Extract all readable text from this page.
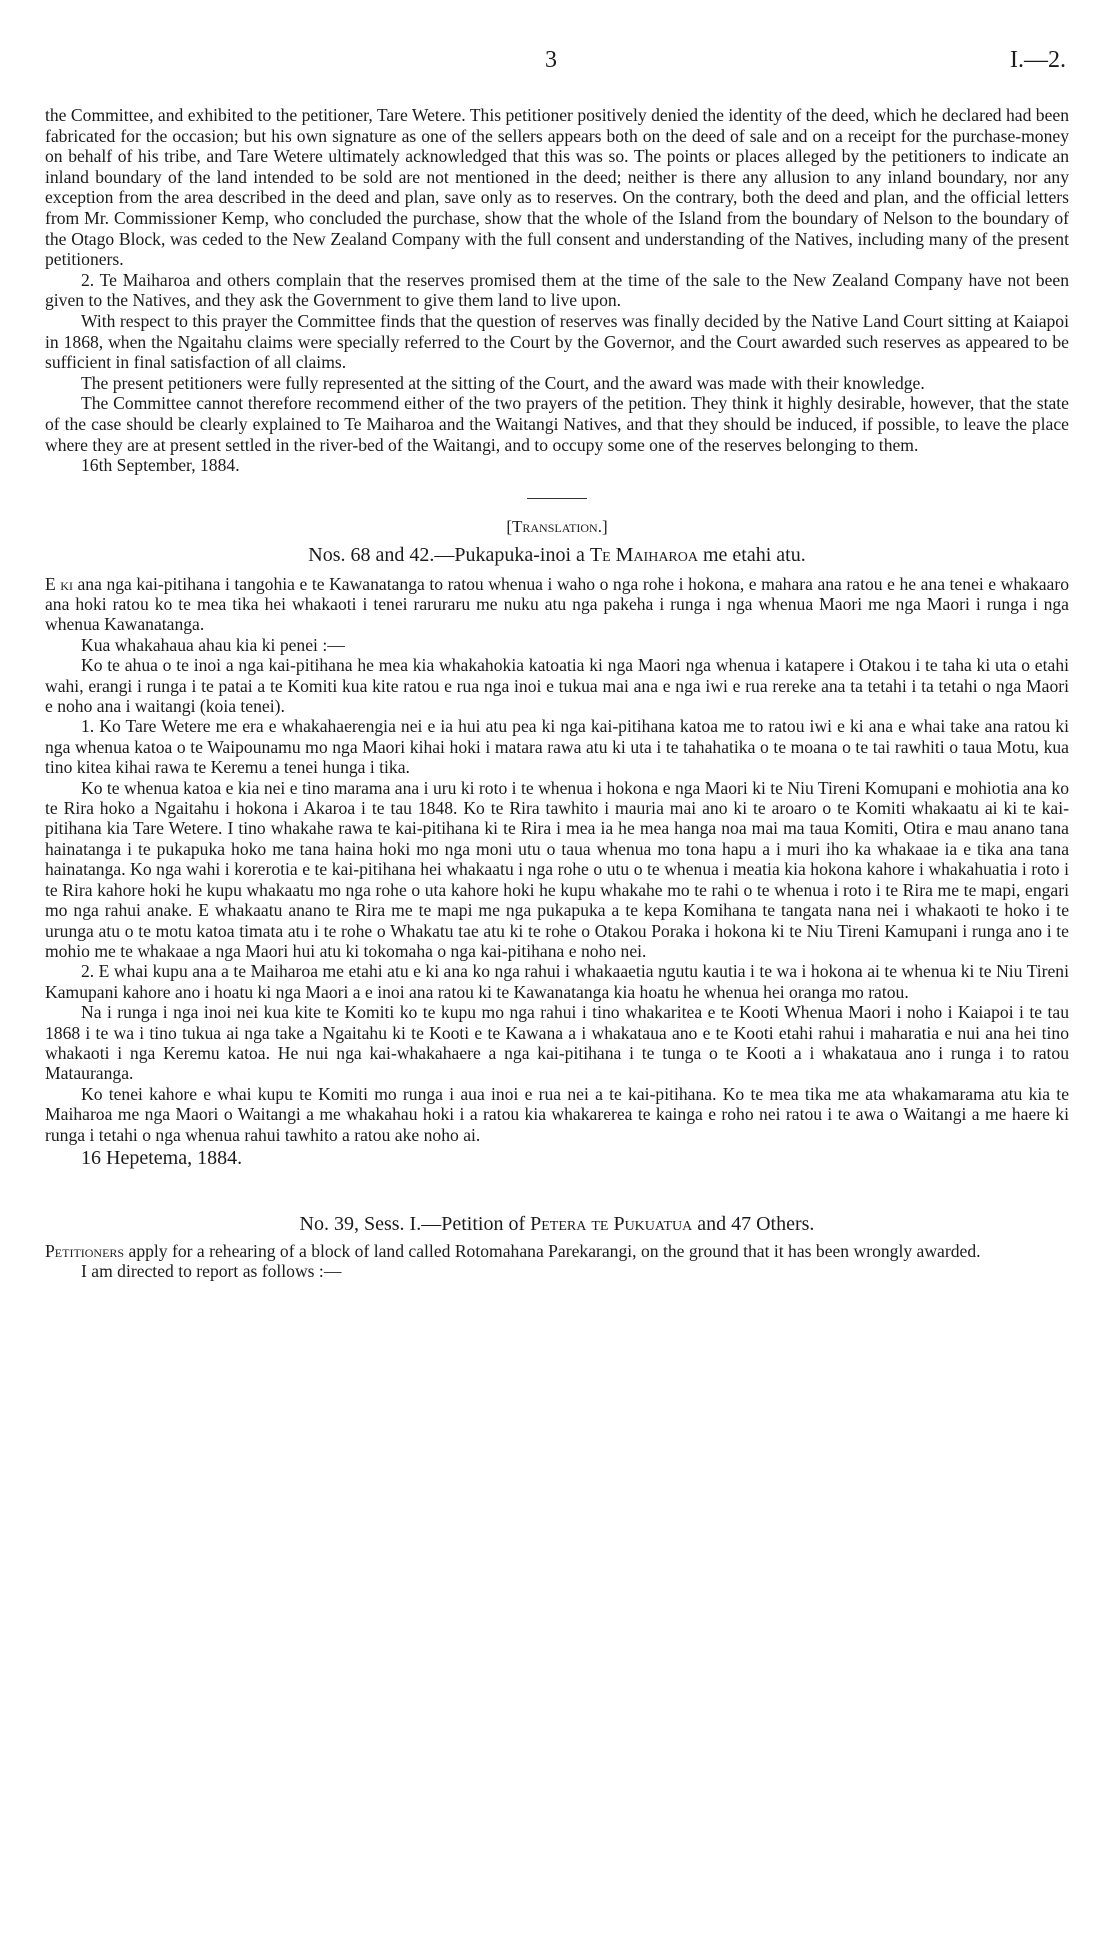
3	I.—2.

the Committee, and exhibited to the petitioner, Tare Wetere. This petitioner positively denied the identity of the deed, which he declared had been fabricated for the occasion; but his own signature as one of the sellers appears both on the deed of sale and on a receipt for the purchase-money on behalf of his tribe, and Tare Wetere ultimately acknowledged that this was so. The points or places alleged by the petitioners to indicate an inland boundary of the land intended to be sold are not mentioned in the deed; neither is there any allusion to any inland boundary, nor any exception from the area described in the deed and plan, save only as to reserves. On the contrary, both the deed and plan, and the official letters from Mr. Commissioner Kemp, who concluded the purchase, show that the whole of the Island from the boundary of Nelson to the boundary of the Otago Block, was ceded to the New Zealand Company with the full consent and understanding of the Natives, including many of the present petitioners.

2. Te Maiharoa and others complain that the reserves promised them at the time of the sale to the New Zealand Company have not been given to the Natives, and they ask the Government to give them land to live upon.

With respect to this prayer the Committee finds that the question of reserves was finally decided by the Native Land Court sitting at Kaiapoi in 1868, when the Ngaitahu claims were specially referred to the Court by the Governor, and the Court awarded such reserves as appeared to be sufficient in final satisfaction of all claims.

The present petitioners were fully represented at the sitting of the Court, and the award was made with their knowledge.

The Committee cannot therefore recommend either of the two prayers of the petition. They think it highly desirable, however, that the state of the case should be clearly explained to Te Maiharoa and the Waitangi Natives, and that they should be induced, if possible, to leave the place where they are at present settled in the river-bed of the Waitangi, and to occupy some one of the reserves belonging to them.

16th September, 1884.

[Translation.]

Nos. 68 and 42.—Pukapuka-inoi a Te Maiharoa me etahi atu.

E ki ana nga kai-pitihana i tangohia e te Kawanatanga to ratou whenua i waho o nga rohe i hokona, e mahara ana ratou e he ana tenei e whakaaro ana hoki ratou ko te mea tika hei whakaoti i tenei raruraru me nuku atu nga pakeha i runga i nga whenua Maori me nga Maori i runga i nga whenua Kawanatanga.

Kua whakahaua ahau kia ki penei :—

Ko te ahua o te inoi a nga kai-pitihana he mea kia whakahokia katoatia ki nga Maori nga whenua i katapere i Otakou i te taha ki uta o etahi wahi, erangi i runga i te patai a te Komiti kua kite ratou e rua nga inoi e tukua mai ana e nga iwi e rua rereke ana ta tetahi i ta tetahi o nga Maori e noho ana i waitangi (koia tenei).

1. Ko Tare Wetere me era e whakahaerengia nei e ia hui atu pea ki nga kai-pitihana katoa me to ratou iwi e ki ana e whai take ana ratou ki nga whenua katoa o te Waipounamu mo nga Maori kihai hoki i matara rawa atu ki uta i te tahahatika o te moana o te tai rawhiti o taua Motu, kua tino kitea kihai rawa te Keremu a tenei hunga i tika.

Ko te whenua katoa e kia nei e tino marama ana i uru ki roto i te whenua i hokona e nga Maori ki te Niu Tireni Komupani e mohiotia ana ko te Rira hoko a Ngaitahu i hokona i Akaroa i te tau 1848. Ko te Rira tawhito i mauria mai ano ki te aroaro o te Komiti whakaatu ai ki te kai-pitihana kia Tare Wetere. I tino whakahe rawa te kai-pitihana ki te Rira i mea ia he mea hanga noa mai ma taua Komiti, Otira e mau anano tana hainatanga i te pukapuka hoko me tana haina hoki mo nga moni utu o taua whenua mo tona hapu a i muri iho ka whakaae ia e tika ana tana hainatanga. Ko nga wahi i korerotia e te kai-pitihana hei whakaatu i nga rohe o utu o te whenua i meatia kia hokona kahore i whakahuatia i roto i te Rira kahore hoki he kupu whakaatu mo nga rohe o uta kahore hoki he kupu whakahe mo te rahi o te whenua i roto i te Rira me te mapi, engari mo nga rahui anake. E whakaatu anano te Rira me te mapi me nga pukapuka a te kepa Komihana te tangata nana nei i whakaoti te hoko i te urunga atu o te motu katoa timata atu i te rohe o Whakatu tae atu ki te rohe o Otakou Poraka i hokona ki te Niu Tireni Kamupani i runga ano i te mohio me te whakaae a nga Maori hui atu ki tokomaha o nga kai-pitihana e noho nei.

2. E whai kupu ana a te Maiharoa me etahi atu e ki ana ko nga rahui i whakaaetia ngutu kautia i te wa i hokona ai te whenua ki te Niu Tireni Kamupani kahore ano i hoatu ki nga Maori a e inoi ana ratou ki te Kawanatanga kia hoatu he whenua hei oranga mo ratou.

Na i runga i nga inoi nei kua kite te Komiti ko te kupu mo nga rahui i tino whakaritea e te Kooti Whenua Maori i noho i Kaiapoi i te tau 1868 i te wa i tino tukua ai nga take a Ngaitahu ki te Kooti e te Kawana a i whakataua ano e te Kooti etahi rahui i maharatia e nui ana hei tino whakaoti i nga Keremu katoa. He nui nga kai-whakahaere a nga kai-pitihana i te tunga o te Kooti a i whakataua ano i runga i to ratou Matauranga.

Ko tenei kahore e whai kupu te Komiti mo runga i aua inoi e rua nei a te kai-pitihana. Ko te mea tika me ata whakamarama atu kia te Maiharoa me nga Maori o Waitangi a me whakahau hoki i a ratou kia whakarerea te kainga e roho nei ratou i te awa o Waitangi a me haere ki runga i tetahi o nga whenua rahui tawhito a ratou ake noho ai.

16 Hepetema, 1884.

No. 39, Sess. I.—Petition of Petera te Pukuatua and 47 Others.

Petitioners apply for a rehearing of a block of land called Rotomahana Parekarangi, on the ground that it has been wrongly awarded.

I am directed to report as follows :—
